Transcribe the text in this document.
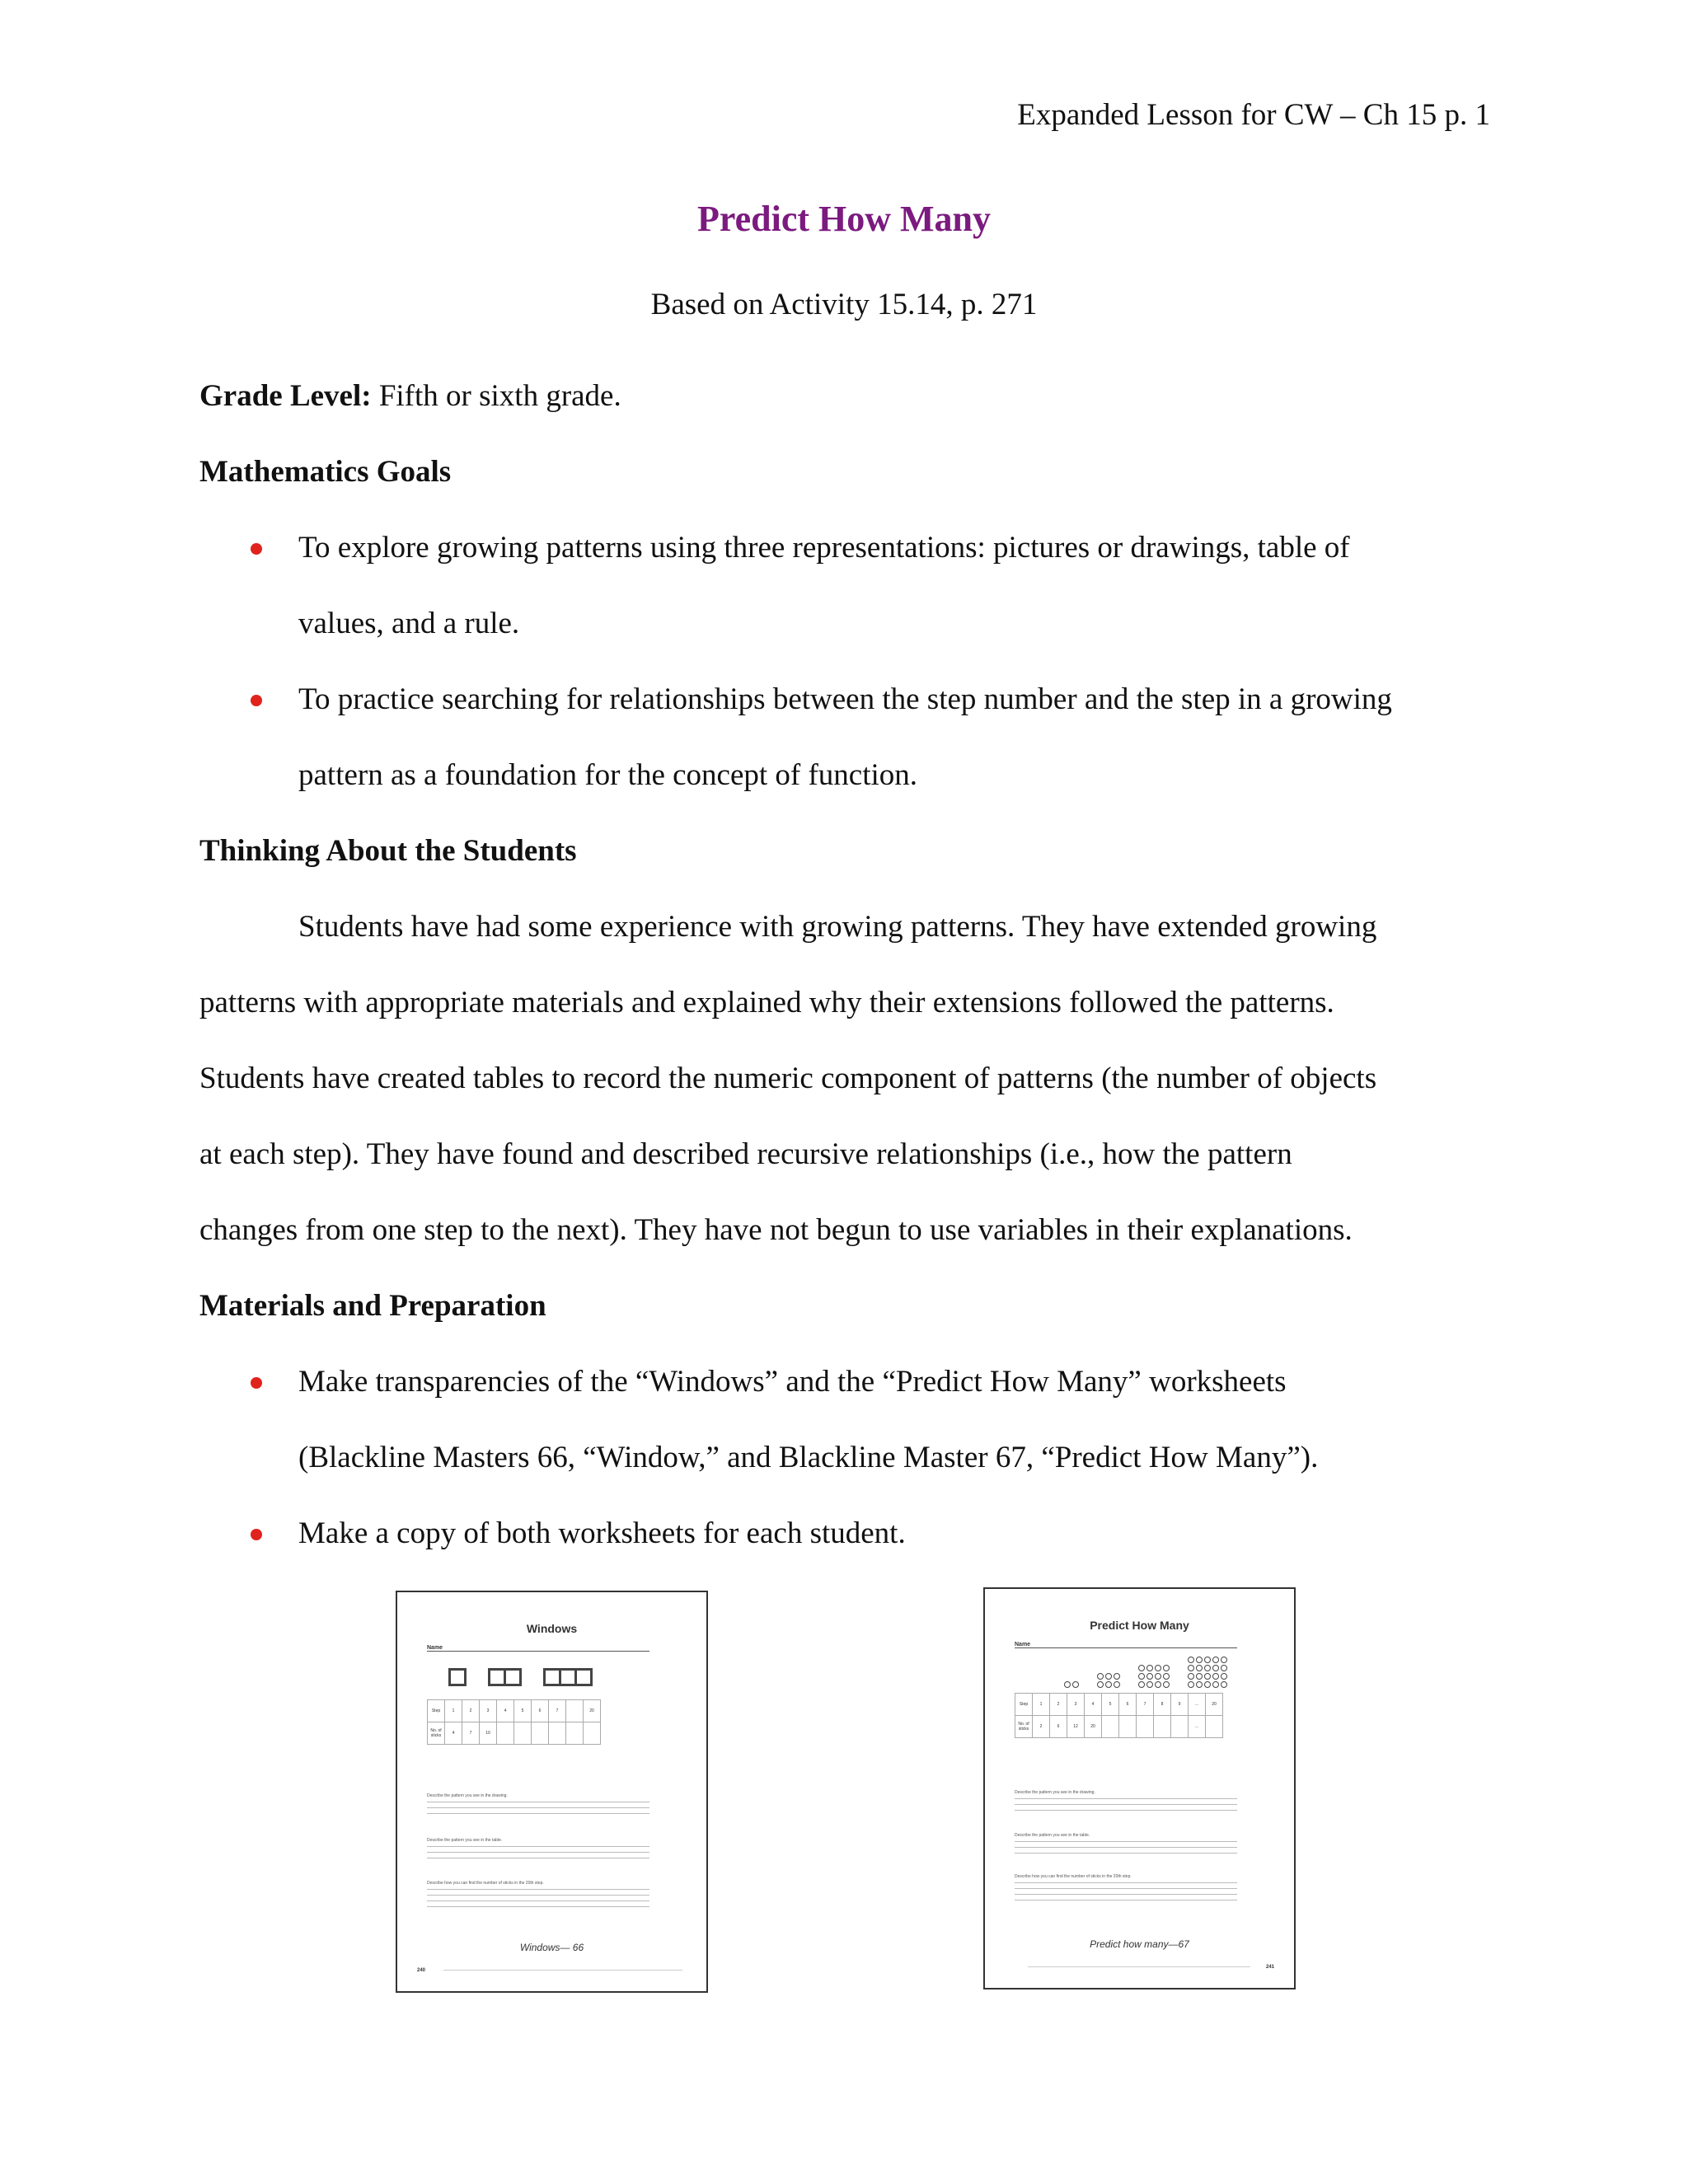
Expanded Lesson for CW – Ch 15 p. 1
Predict How Many
Based on Activity 15.14, p. 271
Grade Level: Fifth or sixth grade.
Mathematics Goals
To explore growing patterns using three representations: pictures or drawings, table of
values, and a rule.
To practice searching for relationships between the step number and the step in a growing
pattern as a foundation for the concept of function.
Thinking About the Students
Students have had some experience with growing patterns. They have extended growing
patterns with appropriate materials and explained why their extensions followed the patterns.
Students have created tables to record the numeric component of patterns (the number of objects
at each step). They have found and described recursive relationships (i.e., how the pattern
changes from one step to the next). They have not begun to use variables in their explanations.
Materials and Preparation
Make transparencies of the “Windows” and the “Predict How Many” worksheets
(Blackline Masters 66, “Window,” and Blackline Master 67, “Predict How Many”).
Make a copy of both worksheets for each student.
Windows
Name
Step	1	2	3	4	5	6	7		20
No. of sticks	4	7	10						
Describe the pattern you see in the drawing.
Describe the pattern you see in the table.
Describe how you can find the number of sticks in the 20th step.
Windows— 66
240
Predict How Many
Name
Step	1	2	3	4	5	6	7	8	9	...	20
No. of sticks	2	6	12	20						...	
Describe the pattern you see in the drawing.
Describe the pattern you see in the table.
Describe how you can find the number of sticks in the 20th step.
Predict how many—67
241
